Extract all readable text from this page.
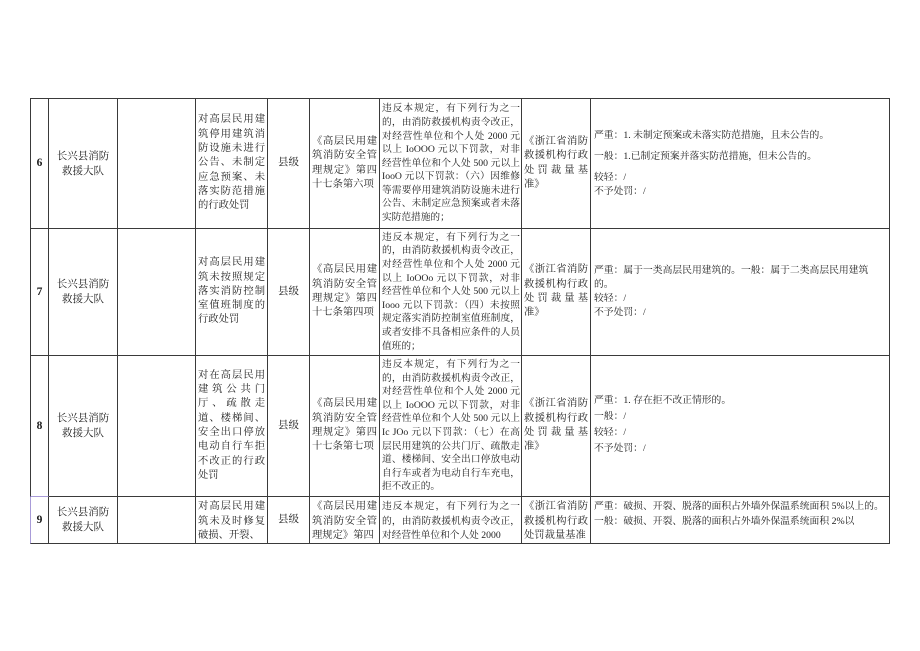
6
长兴县消防救援大队
对高层民用建筑停用建筑消防设施未进行公告、未制定应急预案、未落实防范措施的行政处罚
县级
《高层民用建筑消防安全管理规定》第四十七条第六项
违反本规定，有下列行为之一的，由消防救援机构责令改正，对经营性单位和个人处 2000 元以上 IoOOO 元以下罚款，对非经营性单位和个人处 500 元以上 IooO 元以下罚款：（六）因维修等需要停用建筑消防设施未进行公告、未制定应急预案或者未落实防范措施的；
《浙江省消防救援机构行政处罚裁量基准》

严重：1. 未制定预案或未落实防范措施，且未公告的。

一般：1.已制定预案并落实防范措施，但未公告的。

较轻：/

不予处罚：/

7
长兴县消防救援大队
对高层民用建筑未按照规定落实消防控制室值班制度的行政处罚
县级
《高层民用建筑消防安全管理规定》第四十七条第四项
违反本规定，有下列行为之一的，由消防救援机构责令改正，对经营性单位和个人处 2000 元以上 IoOOo 元以下罚款，对非经营性单位和个人处 500 元以上 Iooo 元以下罚款：（四）未按照规定落实消防控制室值班制度，或者安排不具备相应条件的人员值班的；
《浙江省消防救援机构行政处罚裁量基准》

严重：属于一类高层民用建筑的。一般：属于二类高层民用建筑的。

较轻：/

不予处罚：/

8
长兴县消防救援大队
对在高层民用建筑公共门厅、疏散走道、楼梯间、安全出口停放电动自行车拒不改正的行政处罚
县级
《高层民用建筑消防安全管理规定》第四十七条第七项
违反本规定，有下列行为之一的，由消防救援机构责令改正，对经营性单位和个人处 2000 元以上 IoOOO 元以下罚款，对非经营性单位和个人处 500 元以上 Ic JOo 元以下罚款：（七）在高层民用建筑的公共门厅、疏散走道、楼梯间、安全出口停放电动自行车或者为电动自行车充电，拒不改正的。
《浙江省消防救援机构行政处罚裁量基准》

严重：1. 存在拒不改正情形的。

一般：/

较轻：/

不予处罚：/

9
长兴县消防救援大队
对高层民用建筑未及时修复破损、开裂、
县级
《高层民用建筑消防安全管理规定》第四
违反本规定，有下列行为之一的，由消防救援机构责令改正，对经营性单位和个人处 2000
《浙江省消防救援机构行政处罚裁量基准

严重：破损、开裂、脱落的面积占外墙外保温系统面积 5%以上的。

一般：破损、开裂、脱落的面积占外墙外保温系统面积 2%以
